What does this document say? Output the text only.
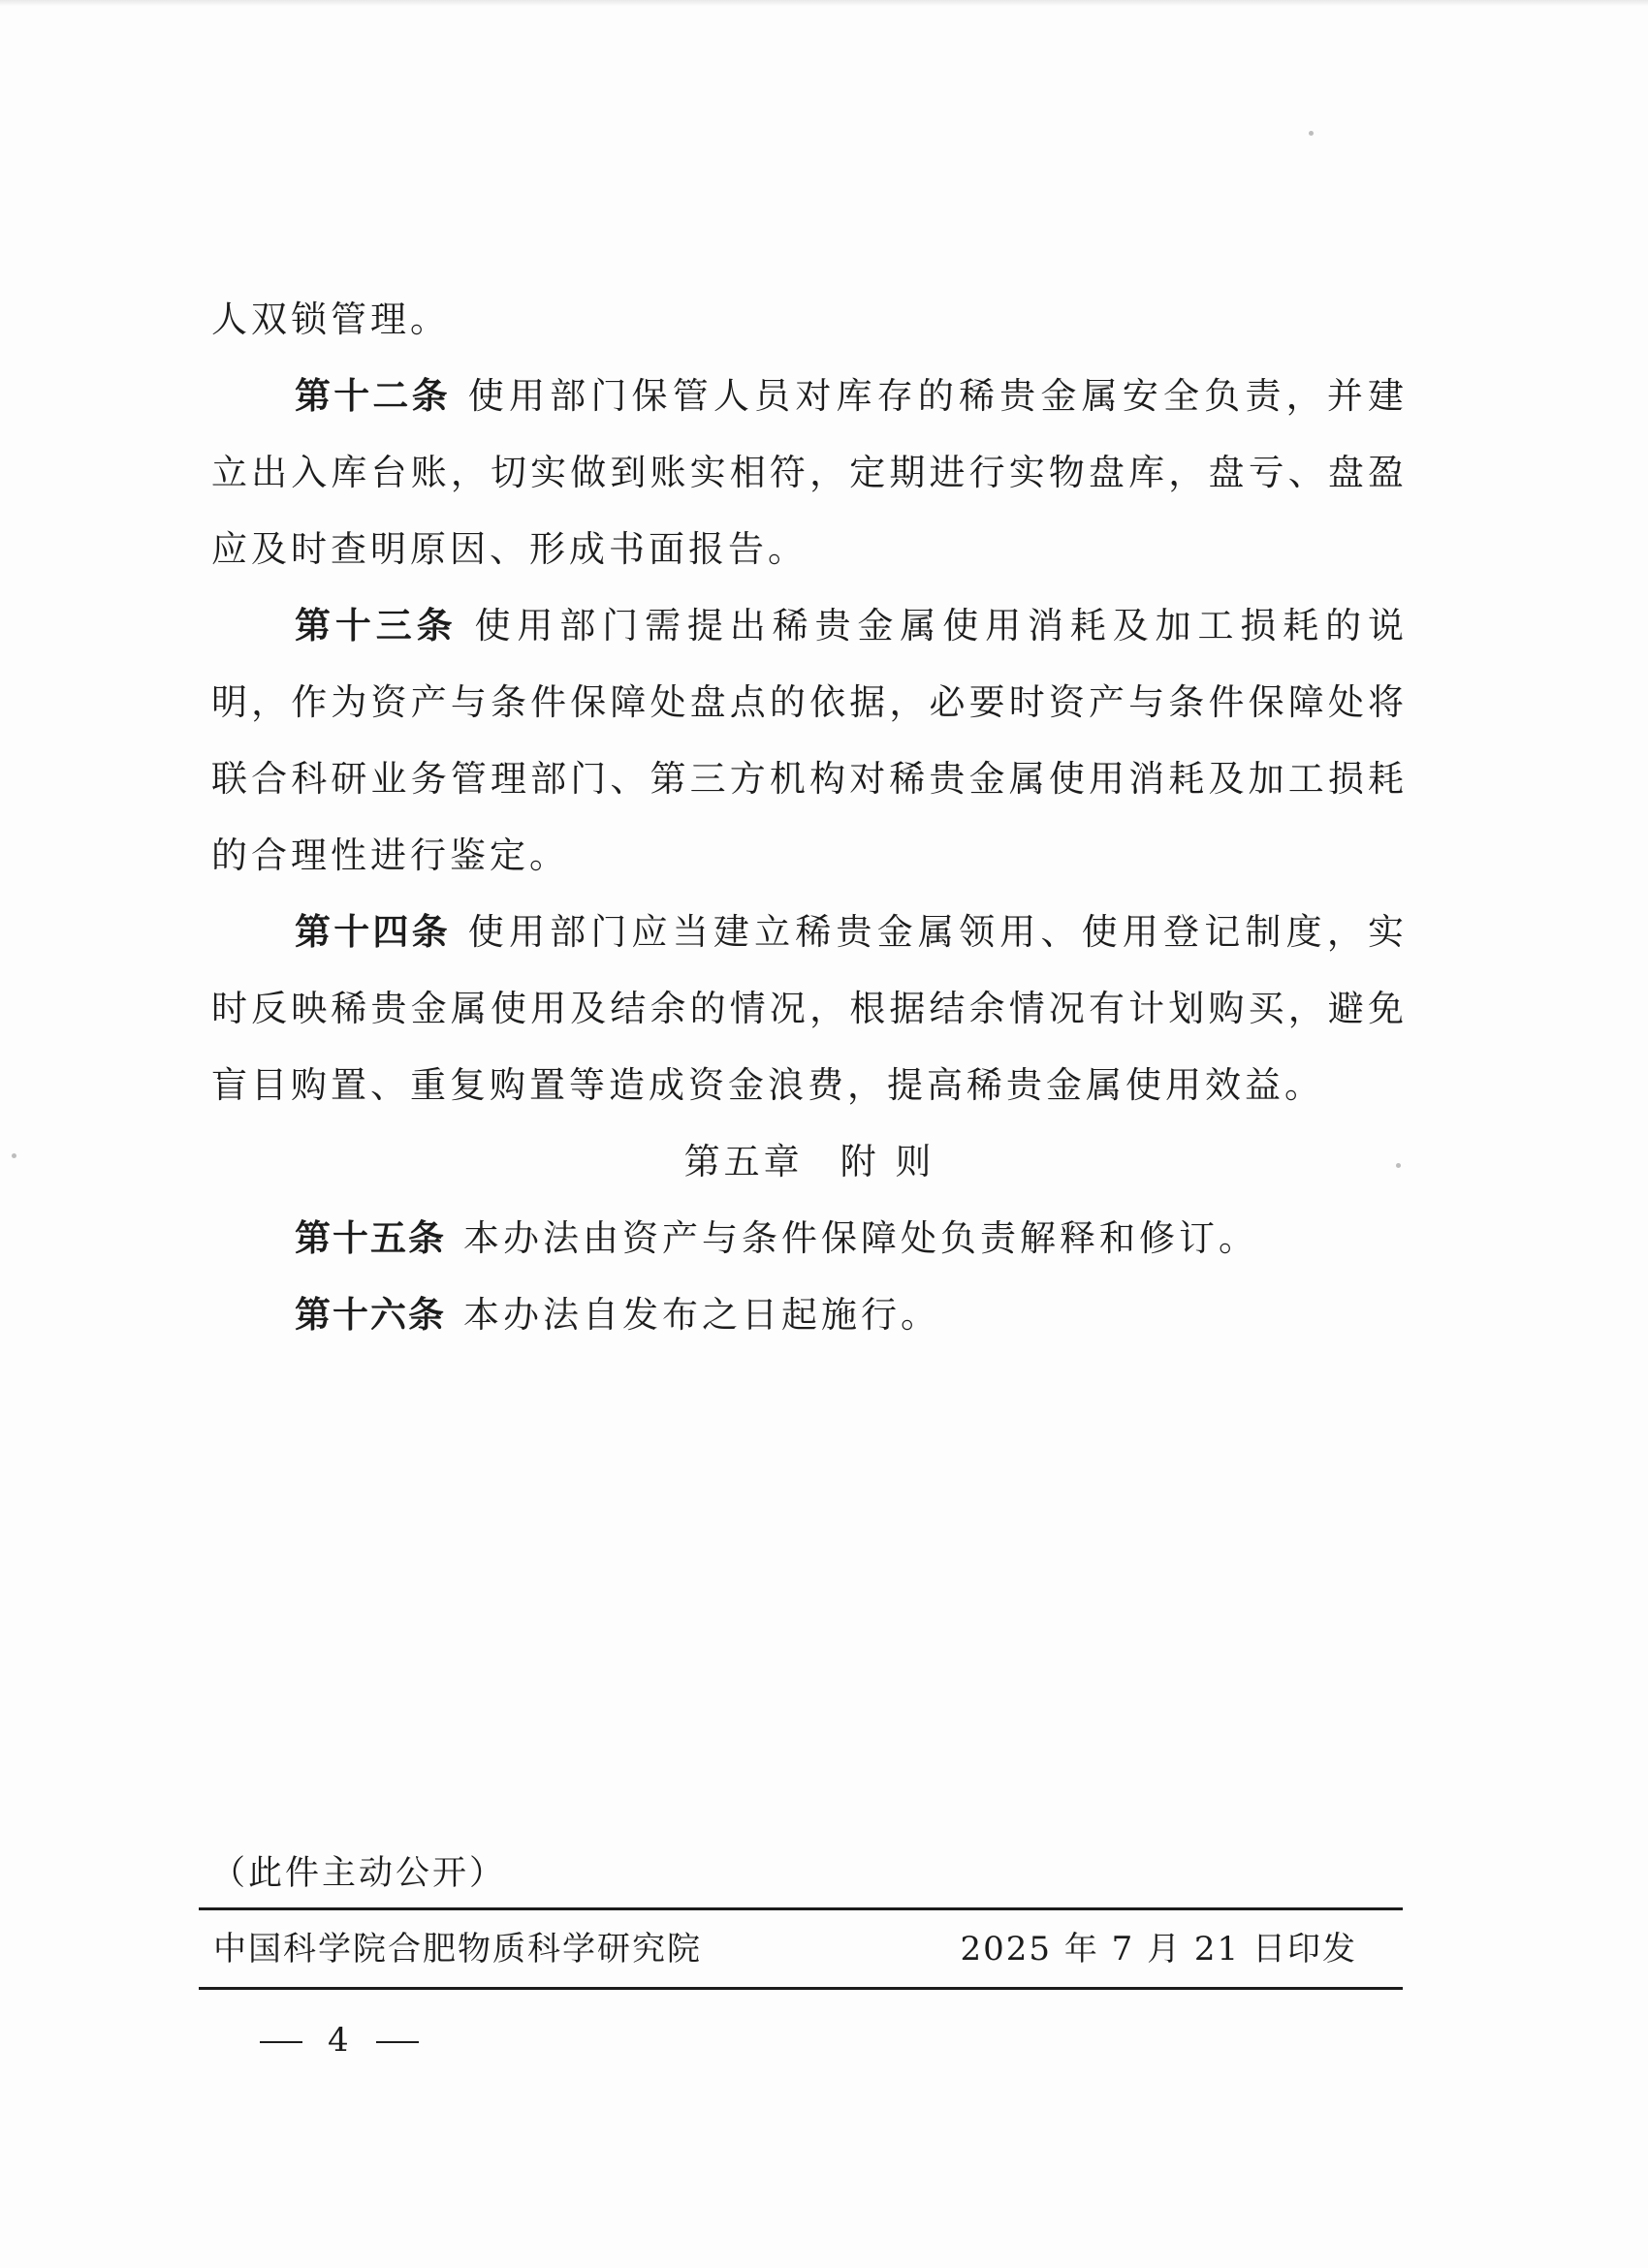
人双锁管理。

第十二条 使用部门保管人员对库存的稀贵金属安全负责，并建立出入库台账，切实做到账实相符，定期进行实物盘库，盘亏、盘盈应及时查明原因、形成书面报告。

第十三条 使用部门需提出稀贵金属使用消耗及加工损耗的说明，作为资产与条件保障处盘点的依据，必要时资产与条件保障处将联合科研业务管理部门、第三方机构对稀贵金属使用消耗及加工损耗的合理性进行鉴定。

第十四条 使用部门应当建立稀贵金属领用、使用登记制度，实时反映稀贵金属使用及结余的情况，根据结余情况有计划购买，避免盲目购置、重复购置等造成资金浪费，提高稀贵金属使用效益。

第五章 附 则

第十五条 本办法由资产与条件保障处负责解释和修订。

第十六条 本办法自发布之日起施行。

（此件主动公开）
中国科学院合肥物质科学研究院	2025 年 7 月 21 日印发
4
